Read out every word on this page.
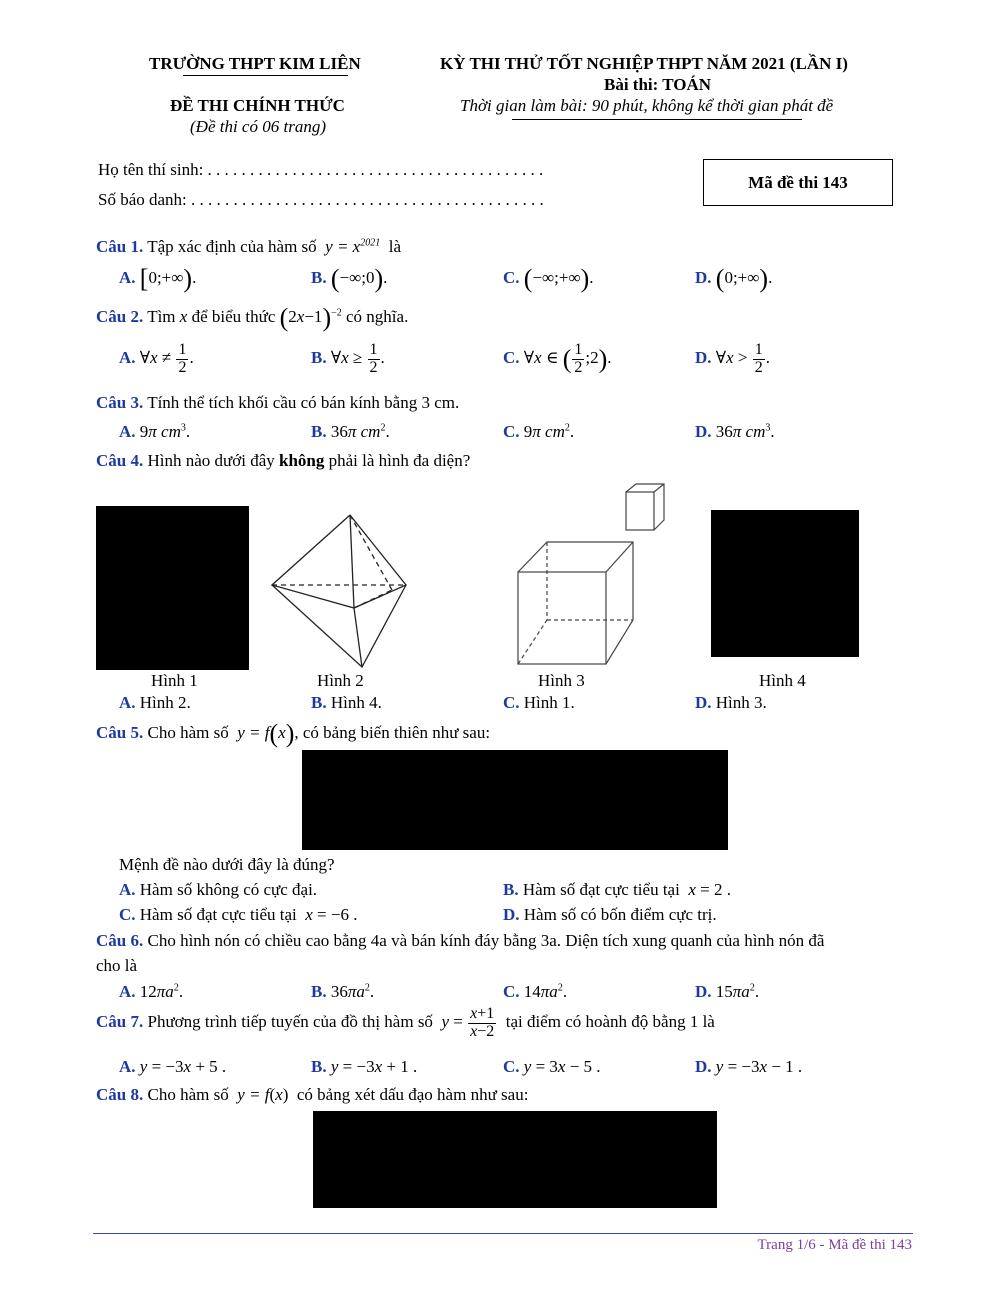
TRƯỜNG THPT KIM LIÊN	KỲ THI THỬ TỐT NGHIỆP THPT NĂM 2021 (LẦN I)
Bài thi: TOÁN
ĐỀ THI CHÍNH THỨC
(Đề thi có 06 trang)
Thời gian làm bài: 90 phút, không kể thời gian phát đề
Họ tên thí sinh: . . . . . . . . . . . . . . . . . . . . . . . . . . . . . . . . . . . . . . . .
Số báo danh: . . . . . . . . . . . . . . . . . . . . . . . . . . . . . . . . . . . . . . . . . .
Mã đề thi 143
Câu 1. Tập xác định của hàm số  $y = x^{2021}$ là
A. [0;+∞).	B. (−∞;0).	C. (−∞;+∞).	D. (0;+∞).
Câu 2. Tìm x để biểu thức $(2x-1)^{-2}$ có nghĩa.
A. ∀x ≠ $\frac{1}{2}$ .	B. ∀x ≥ $\frac{1}{2}$ .	C. ∀x ∈ ( $\frac{1}{2}$ ;2).	D. ∀x > $\frac{1}{2}$ .
Câu 3. Tính thể tích khối cầu có bán kính bằng 3 cm.
A. 9π $cm^3$.	B. 36π $cm^2$.	C. 9π $cm^2$.	D. 36π $cm^3$.
Câu 4. Hình nào dưới đây không phải là hình đa diện?
Hình 1	Hình 2	Hình 3	Hình 4
A. Hình 2.	B. Hình 4.	C. Hình 1.	D. Hình 3.
Câu 5. Cho hàm số  y = f(x), có bảng biến thiên như sau:
Mệnh đề nào dưới đây là đúng?
A. Hàm số không có cực đại.	B. Hàm số đạt cực tiểu tại x = 2 .
C. Hàm số đạt cực tiểu tại x = −6 .	D. Hàm số có bốn điểm cực trị.
Câu 6. Cho hình nón có chiều cao bằng 4a và bán kính đáy bằng 3a. Diện tích xung quanh của hình nón đã
cho là
A. $12\pi a^2$.	B. $36\pi a^2$.	C. $14\pi a^2$.	D. $15\pi a^2$.
Câu 7. Phương trình tiếp tuyến của đồ thị hàm số  $y = \frac{x+1}{x-2}$ tại điểm có hoành độ bằng 1 là
A. y = −3x + 5 .	B. y = −3x + 1 .	C. y = 3x − 5 .	D. y = −3x − 1 .
Câu 8. Cho hàm số  y = f(x)  có bảng xét dấu đạo hàm như sau:
Trang 1/6 - Mã đề thi 143
